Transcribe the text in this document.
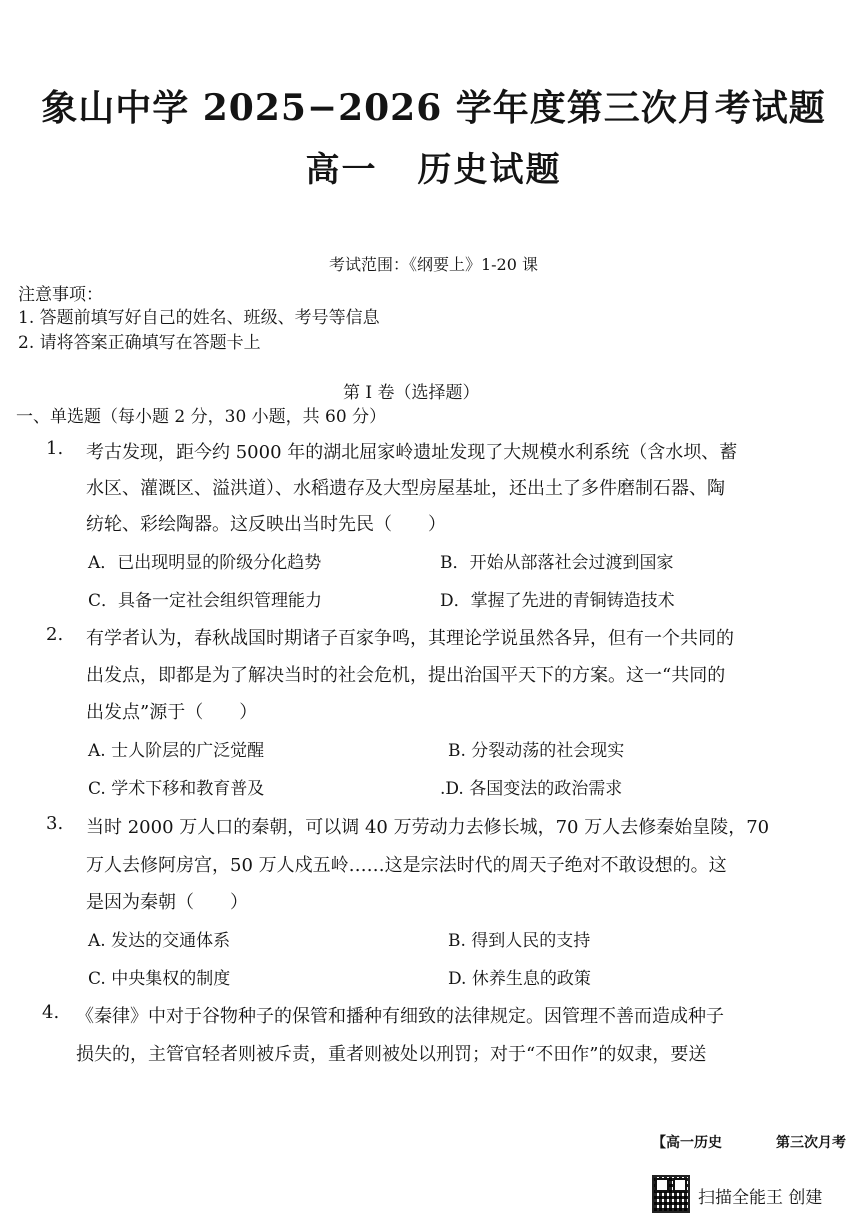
象山中学 2025−2026 学年度第三次月考试题
高一 历史试题
考试范围：《纲要上》1-20 课
注意事项：
1. 答题前填写好自己的姓名、班级、考号等信息
2. 请将答案正确填写在答题卡上
第 I 卷（选择题）
一、单选题（每小题 2 分，30 小题，共 60 分）
1. 考古发现，距今约 5000 年的湖北屈家岭遗址发现了大规模水利系统（含水坝、蓄
水区、灌溉区、溢洪道）、水稻遗存及大型房屋基址，还出土了多件磨制石器、陶
纺轮、彩绘陶器。这反映出当时先民（　　）
A．已出现明显的阶级分化趋势	B．开始从部落社会过渡到国家
C．具备一定社会组织管理能力	D．掌握了先进的青铜铸造技术
2. 有学者认为，春秋战国时期诸子百家争鸣，其理论学说虽然各异，但有一个共同的
出发点，即都是为了解决当时的社会危机，提出治国平天下的方案。这一“共同的
出发点”源于（　　）
A. 士人阶层的广泛觉醒	B. 分裂动荡的社会现实
C. 学术下移和教育普及	.D. 各国变法的政治需求
3. 当时 2000 万人口的秦朝，可以调 40 万劳动力去修长城，70 万人去修秦始皇陵，70
万人去修阿房宫，50 万人戍五岭……这是宗法时代的周天子绝对不敢设想的。这
是因为秦朝（　　）
A. 发达的交通体系	B. 得到人民的支持
C. 中央集权的制度	D. 休养生息的政策
4. 《秦律》中对于谷物种子的保管和播种有细致的法律规定。因管理不善而造成种子
损失的，主管官轻者则被斥责，重者则被处以刑罚；对于“不田作”的奴隶，要送
【高一历史	第三次月考
扫描全能王 创建
